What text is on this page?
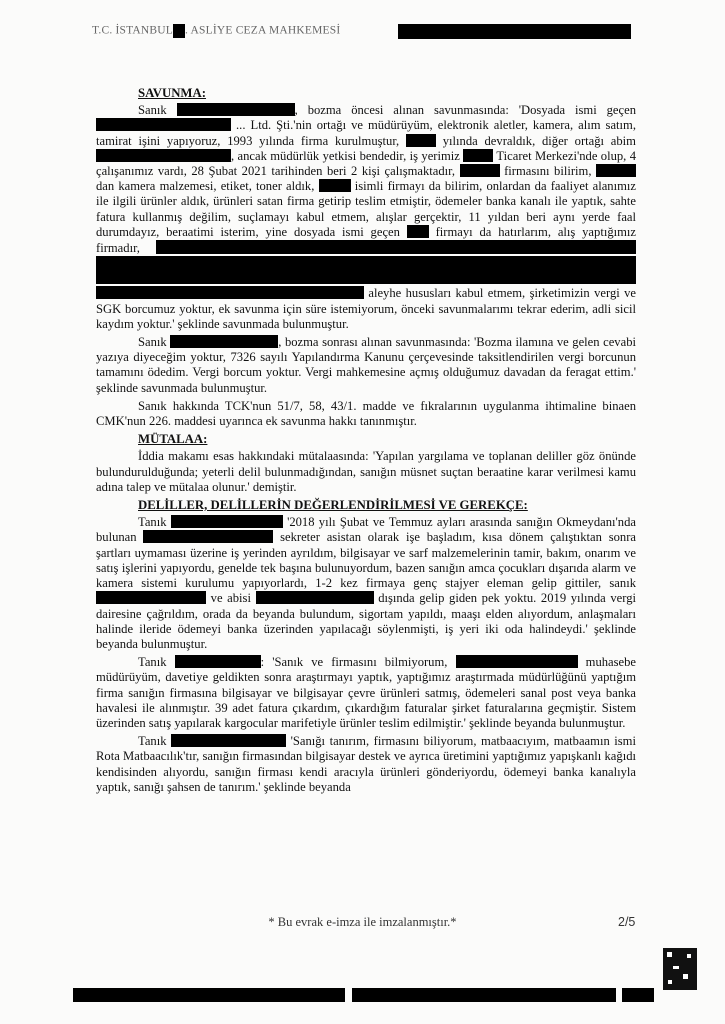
T.C. İSTANBUL . ASLİYE CEZA MAHKEMESİ
SAVUNMA:

Sanık	, bozma öncesi alınan savunmasında: 'Dosyada ismi geçen  ... Ltd. Şti.'nin ortağı ve müdürüyüm, elektronik aletler, kamera, alım satım, tamirat işini yapıyoruz, 1993 yılında firma kurulmuştur,	yılında devraldık, diğer ortağı abim , ancak müdürlük yetkisi bendedir, iş yerimiz	Ticaret Merkezi'nde olup, 4 çalışanımız vardı, 28 Şubat 2021 tarihinden beri 2 kişi çalışmaktadır,	firmasını bilirim, dan kamera malzemesi, etiket, toner aldık,	isimli firmayı da bilirim, onlardan da faaliyet alanımız ile ilgili ürünler aldık, ürünleri satan firma getirip teslim etmiştir, ödemeler banka kanalı ile yaptık, sahte fatura kullanmış değilim, suçlamayı kabul etmem, alışlar gerçektir, 11 yıldan beri aynı yerde faal durumdayız, beraatimi isterim, yine dosyada ismi geçen	firmayı da hatırlarım, alış yaptığımız firmadır,    aleyhe hususları kabul etmem, şirketimizin vergi ve SGK borcumuz yoktur, ek savunma için süre istemiyorum, önceki savunmalarımı tekrar ederim, adli sicil kaydım yoktur.' şeklinde savunmada bulunmuştur.

Sanık	, bozma sonrası alınan savunmasında: 'Bozma ilamına ve gelen cevabi yazıya diyeceğim yoktur, 7326 sayılı Yapılandırma Kanunu çerçevesinde taksitlendirilen vergi borcunun tamamını ödedim. Vergi borcum yoktur. Vergi mahkemesine açmış olduğumuz davadan da feragat ettim.' şeklinde savunmada bulunmuştur.

Sanık hakkında TCK'nun 51/7, 58, 43/1. madde ve fıkralarının uygulanma ihtimaline binaen CMK'nun 226. maddesi uyarınca ek savunma hakkı tanınmıştır.

MÜTALAA:

İddia makamı esas hakkındaki mütalaasında: 'Yapılan yargılama ve toplanan deliller göz önünde bulundurulduğunda; yeterli delil bulunmadığından, sanığın müsnet suçtan beraatine karar verilmesi kamu adına talep ve mütalaa olunur.' demiştir.

DELİLLER, DELİLLERİN DEĞERLENDİRİLMESİ VE GEREKÇE:

Tanık	'2018 yılı Şubat ve Temmuz ayları arasında sanığın Okmeydanı'nda bulunan	sekreter asistan olarak işe başladım, kısa dönem çalıştıktan sonra şartları uymaması üzerine iş yerinden ayrıldım, bilgisayar ve sarf malzemelerinin tamir, bakım, onarım ve satış işlerini yapıyordu, genelde tek başına bulunuyordum, bazen sanığın amca çocukları dışarıda alarm ve kamera sistemi kurulumu yapıyorlardı, 1-2 kez firmaya genç stajyer eleman gelip gittiler, sanık  ve abisi	dışında gelip giden pek yoktu. 2019 yılında vergi dairesine çağrıldım, orada da beyanda bulundum, sigortam yapıldı, maaşı elden alıyordum, anlaşmaları halinde ileride ödemeyi banka üzerinden yapılacağı söylenmişti, iş yeri iki oda halindeydi.' şeklinde beyanda bulunmuştur.

Tanık	: 'Sanık ve firmasını bilmiyorum,	muhasebe müdürüyüm, davetiye geldikten sonra araştırmayı yaptık, yaptığımız araştırmada müdürlüğünü yaptığım firma sanığın firmasına bilgisayar ve bilgisayar çevre ürünleri satmış, ödemeleri sanal post veya banka havalesi ile alınmıştır. 39 adet fatura çıkardım, çıkardığım faturalar şirket faturalarına geçmiştir. Sistem üzerinden satış yapılarak kargocular marifetiyle ürünler teslim edilmiştir.' şeklinde beyanda bulunmuştur.

Tanık	'Sanığı tanırım, firmasını biliyorum, matbaacıyım, matbaamın ismi Rota Matbaacılık'tır, sanığın firmasından bilgisayar destek ve ayrıca üretimini yaptığımız yapışkanlı kağıdı kendisinden alıyordu, sanığın firması kendi aracıyla ürünleri gönderiyordu, ödemeyi banka kanalıyla yaptık, sanığı şahsen de tanırım.' şeklinde beyanda

* Bu evrak e-imza ile imzalanmıştır.*	2/5
